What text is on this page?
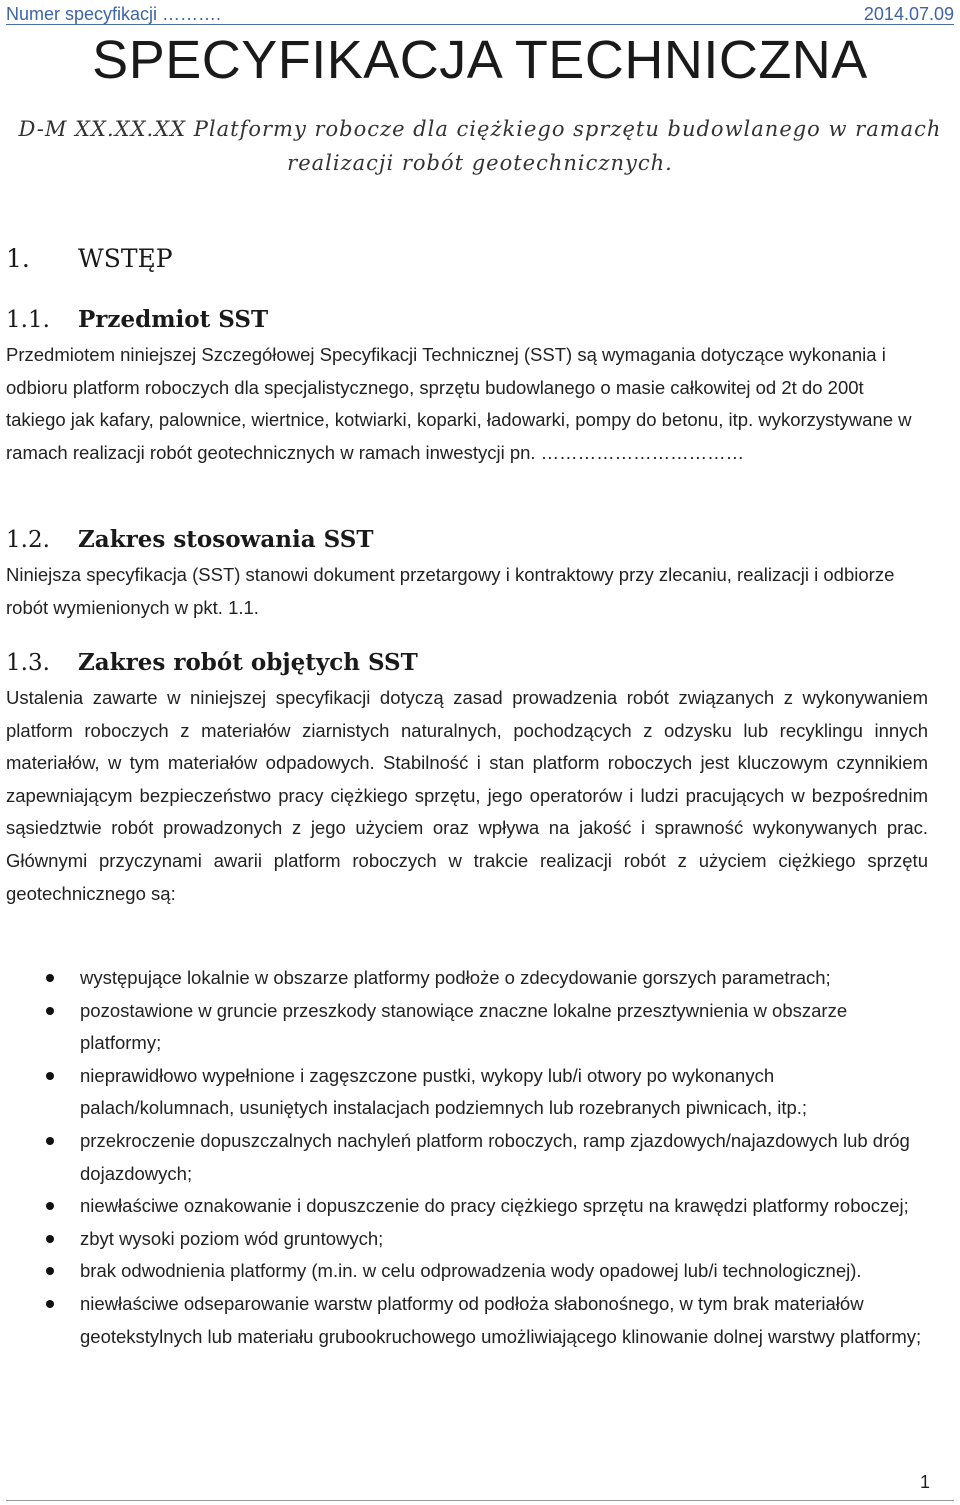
Numer specyfikacji ……….	2014.07.09
SPECYFIKACJA TECHNICZNA
D-M XX.XX.XX Platformy robocze dla ciężkiego sprzętu budowlanego w ramach
realizacji robót geotechnicznych.
1. WSTĘP
1.1. Przedmiot SST
Przedmiotem niniejszej Szczegółowej Specyfikacji Technicznej (SST) są wymagania dotyczące wykonania i odbioru platform roboczych dla specjalistycznego, sprzętu budowlanego o masie całkowitej od 2t do 200t takiego jak kafary, palownice, wiertnice, kotwiarki, koparki, ładowarki, pompy do betonu, itp. wykorzystywane w ramach realizacji robót geotechnicznych w ramach inwestycji pn. ……………………………
1.2. Zakres stosowania SST
Niniejsza specyfikacja (SST) stanowi dokument przetargowy i kontraktowy przy zlecaniu, realizacji i odbiorze robót wymienionych w pkt. 1.1.
1.3. Zakres robót objętych SST
Ustalenia zawarte w niniejszej specyfikacji dotyczą zasad prowadzenia robót związanych z wykonywaniem platform roboczych z materiałów ziarnistych naturalnych, pochodzących z odzysku lub recyklingu innych materiałów, w tym materiałów odpadowych. Stabilność i stan platform roboczych jest kluczowym czynnikiem zapewniającym bezpieczeństwo pracy ciężkiego sprzętu, jego operatorów i ludzi pracujących w bezpośrednim sąsiedztwie robót prowadzonych z jego użyciem oraz wpływa na jakość i sprawność wykonywanych prac. Głównymi przyczynami awarii platform roboczych w trakcie realizacji robót z użyciem ciężkiego sprzętu geotechnicznego są:
występujące lokalnie w obszarze platformy podłoże o zdecydowanie gorszych parametrach;
pozostawione w gruncie przeszkody stanowiące znaczne lokalne przesztywnienia w obszarze platformy;
nieprawidłowo wypełnione i zagęszczone pustki, wykopy lub/i otwory po wykonanych palach/kolumnach, usuniętych instalacjach podziemnych lub rozebranych piwnicach, itp.;
przekroczenie dopuszczalnych nachyleń platform roboczych, ramp zjazdowych/najazdowych lub dróg dojazdowych;
niewłaściwe oznakowanie i dopuszczenie do pracy ciężkiego sprzętu na krawędzi platformy roboczej;
zbyt wysoki poziom wód gruntowych;
brak odwodnienia platformy (m.in. w celu odprowadzenia wody opadowej lub/i technologicznej).
niewłaściwe odseparowanie warstw platformy od podłoża słabonośnego, w tym brak materiałów geotekstylnych lub materiału grubookruchowego umożliwiającego klinowanie dolnej warstwy platformy;
1
